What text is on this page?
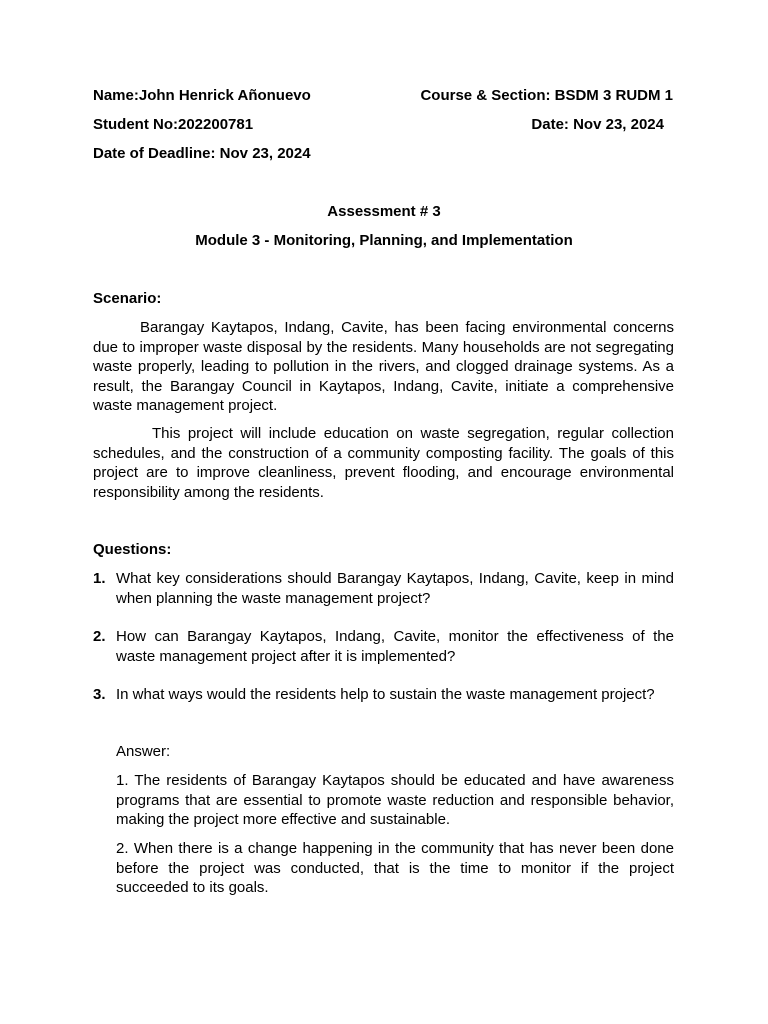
Name:John Henrick Añonuevo	Course & Section: BSDM 3 RUDM 1
Student No:202200781	Date: Nov 23, 2024
Date of Deadline: Nov 23, 2024
Assessment # 3
Module 3 - Monitoring, Planning, and Implementation
Scenario:
Barangay Kaytapos, Indang, Cavite, has been facing environmental concerns due to improper waste disposal by the residents. Many households are not segregating waste properly, leading to pollution in the rivers, and clogged drainage systems. As a result, the Barangay Council in Kaytapos, Indang, Cavite, initiate a comprehensive waste management project.
This project will include education on waste segregation, regular collection schedules, and the construction of a community composting facility. The goals of this project are to improve cleanliness, prevent flooding, and encourage environmental responsibility among the residents.
Questions:
1. What key considerations should Barangay Kaytapos, Indang, Cavite, keep in mind when planning the waste management project?
2. How can Barangay Kaytapos, Indang, Cavite, monitor the effectiveness of the waste management project after it is implemented?
3. In what ways would the residents help to sustain the waste management project?
Answer:
1. The residents of Barangay Kaytapos should be educated and have awareness programs that are essential to promote waste reduction and responsible behavior, making the project more effective and sustainable.
2. When there is a change happening in the community that has never been done before the project was conducted, that is the time to monitor if the project succeeded to its goals.
